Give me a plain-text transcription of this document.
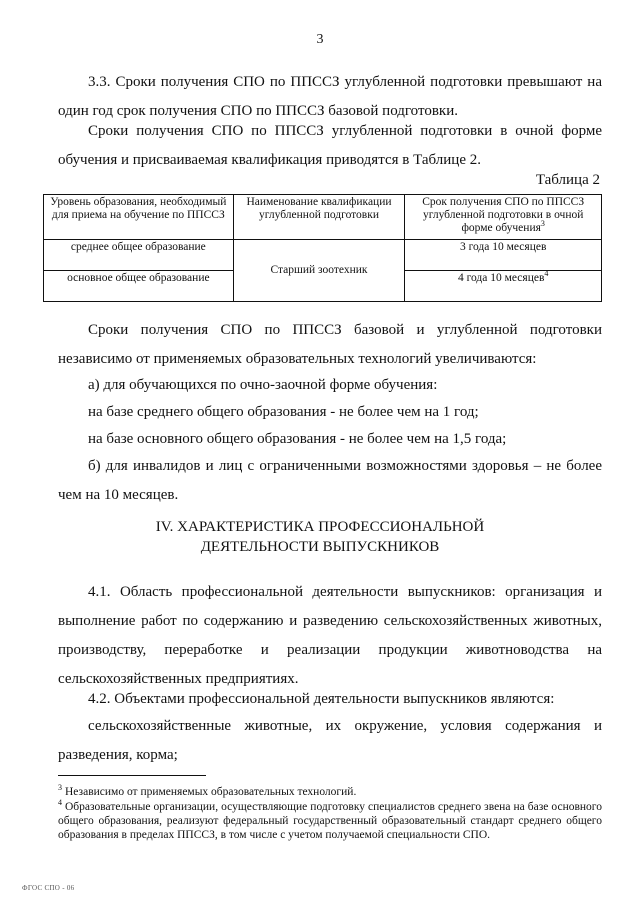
3

3.3. Сроки получения СПО по ППССЗ углубленной подготовки превышают на один год срок получения СПО по ППССЗ базовой подготовки.

Сроки получения СПО по ППССЗ углубленной подготовки в очной форме обучения и присваиваемая квалификация приводятся в Таблице 2.

Таблица 2
Уровень образования, необходимый для приема на обучение по ППССЗ	Наименование квалификации углубленной подготовки	Срок получения СПО по ППССЗ углубленной подготовки в очной форме обучения$^3$
среднее общее образование	Старший зоотехник	3 года 10 месяцев
основное общее образование		4 года 10 месяцев$^4$

Сроки получения СПО по ППССЗ базовой и углубленной подготовки независимо от применяемых образовательных технологий увеличиваются:

а) для обучающихся по очно-заочной форме обучения:

на базе среднего общего образования - не более чем на 1 год;

на базе основного общего образования - не более чем на 1,5 года;

б) для инвалидов и лиц с ограниченными возможностями здоровья – не более чем на 10 месяцев.

IV. ХАРАКТЕРИСТИКА ПРОФЕССИОНАЛЬНОЙ
ДЕЯТЕЛЬНОСТИ ВЫПУСКНИКОВ

4.1. Область профессиональной деятельности выпускников: организация и выполнение работ по содержанию и разведению сельскохозяйственных животных, производству, переработке и реализации продукции животноводства на сельскохозяйственных предприятиях.

4.2. Объектами профессиональной деятельности выпускников являются:

сельскохозяйственные животные, их окружение, условия содержания и разведения, корма;

$^3$ Независимо от применяемых образовательных технологий.

$^4$ Образовательные организации, осуществляющие подготовку специалистов среднего звена на базе основного общего образования, реализуют федеральный государственный образовательный стандарт среднего общего образования в пределах ППССЗ, в том числе с учетом получаемой специальности СПО.

ФГОС СПО - 06
